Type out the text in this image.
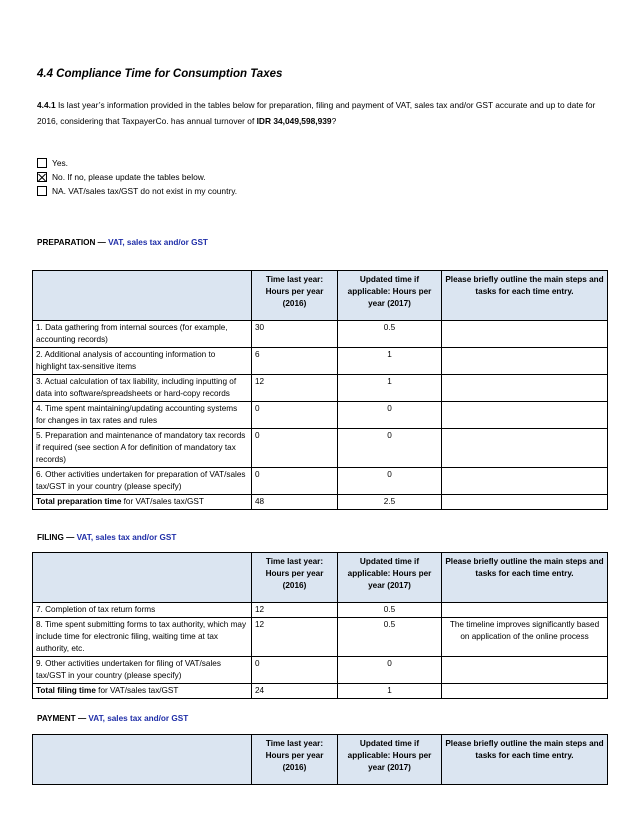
4.4 Compliance Time for Consumption Taxes
4.4.1 Is last year’s information provided in the tables below for preparation, filing and payment of VAT, sales tax and/or GST accurate and up to date for 2016, considering that TaxpayerCo. has annual turnover of IDR 34,049,598,939?
Yes.
No. If no, please update the tables below.
NA. VAT/sales tax/GST do not exist in my country.
PREPARATION — VAT, sales tax and/or GST
	Time last year: Hours per year (2016)	Updated time if applicable: Hours per year (2017)	Please briefly outline the main steps and tasks for each time entry.
1. Data gathering from internal sources (for example, accounting records)	30	0.5	
2. Additional analysis of accounting information to highlight tax-sensitive items	6	1	
3. Actual calculation of tax liability, including inputting of data into software/spreadsheets or hard-copy records	12	1	
4. Time spent maintaining/updating accounting systems for changes in tax rates and rules	0	0	
5. Preparation and maintenance of mandatory tax records if required (see section A for definition of mandatory tax records)	0	0	
6. Other activities undertaken for preparation of VAT/sales tax/GST in your country (please specify)	0	0	
Total preparation time for VAT/sales tax/GST	48	2.5	
FILING — VAT, sales tax and/or GST
	Time last year: Hours per year (2016)	Updated time if applicable: Hours per year (2017)	Please briefly outline the main steps and tasks for each time entry.
7. Completion of tax return forms	12	0.5	
8. Time spent submitting forms to tax authority, which may include time for electronic filing, waiting time at tax authority, etc.	12	0.5	The timeline improves significantly based on application of the online process
9. Other activities undertaken for filing of VAT/sales tax/GST in your country (please specify)	0	0	
Total filing time for VAT/sales tax/GST	24	1	
PAYMENT — VAT, sales tax and/or GST
	Time last year: Hours per year (2016)	Updated time if applicable: Hours per year (2017)	Please briefly outline the main steps and tasks for each time entry.
